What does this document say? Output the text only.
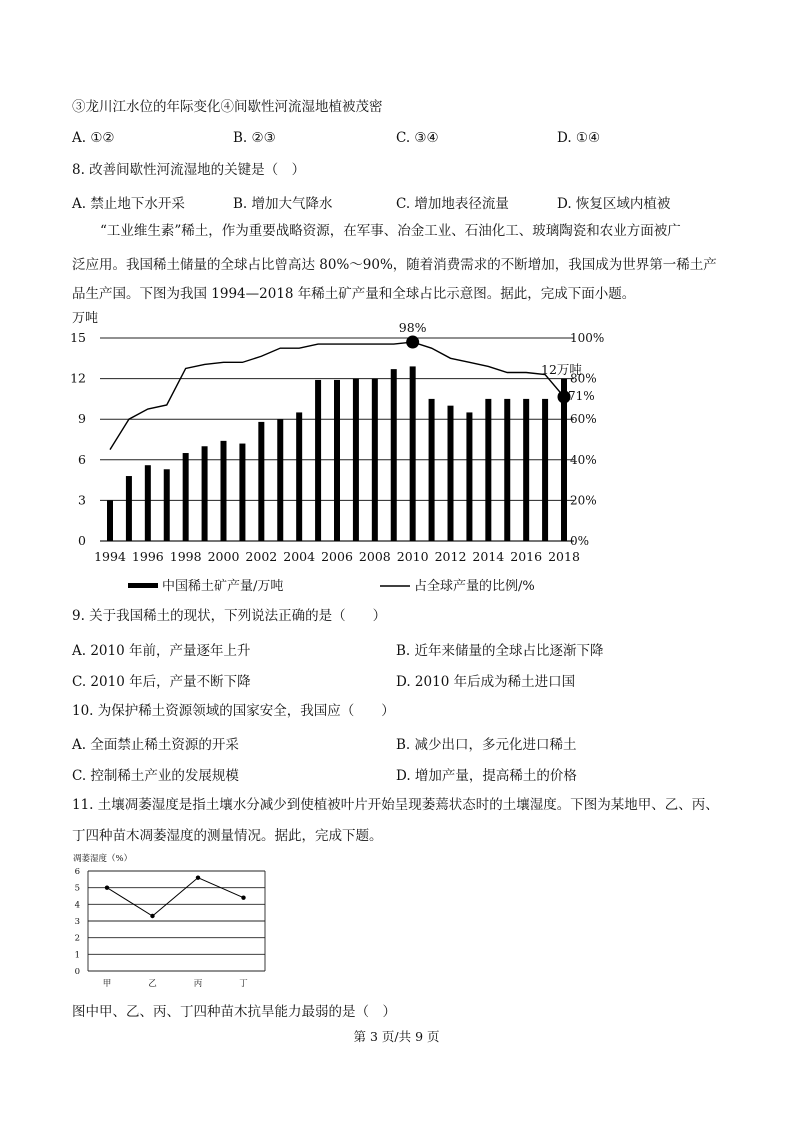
③龙川江水位的年际变化④间歇性河流湿地植被茂密
A. ①②	B. ②③	C. ③④	D. ①④
8. 改善间歇性河流湿地的关键是（　）
A. 禁止地下水开采	B. 增加大气降水	C. 增加地表径流量	D. 恢复区域内植被
“工业维生素”稀土，作为重要战略资源，在军事、冶金工业、石油化工、玻璃陶瓷和农业方面被广
泛应用。我国稀土储量的全球占比曾高达 80%～90%，随着消费需求的不断增加，我国成为世界第一稀土产
品生产国。下图为我国 1994—2018 年稀土矿产量和全球占比示意图。据此，完成下面小题。
万吨
0
3
6
9
12
15
0%
20%
40%
60%
80%
100%
1994 1996 1998 2000 2002 2004 2006 2008 2010 2012 2014 2016 2018
98%
12万吨
71%
中国稀土矿产量/万吨	占全球产量的比例/%
9. 关于我国稀土的现状，下列说法正确的是（　　）
A. 2010 年前，产量逐年上升	B. 近年来储量的全球占比逐渐下降
C. 2010 年后，产量不断下降	D. 2010 年后成为稀土进口国
10. 为保护稀土资源领域的国家安全，我国应（　　）
A. 全面禁止稀土资源的开采	B. 减少出口，多元化进口稀土
C. 控制稀土产业的发展规模	D. 增加产量，提高稀土的价格
11. 土壤凋萎湿度是指土壤水分减少到使植被叶片开始呈现萎蔫状态时的土壤湿度。下图为某地甲、乙、丙、
丁四种苗木凋萎湿度的测量情况。据此，完成下题。
凋萎湿度（%）
0
1
2
3
4
5
6
甲	乙	丙	丁
图中甲、乙、丙、丁四种苗木抗旱能力最弱的是（　）
第 3 页/共 9 页
